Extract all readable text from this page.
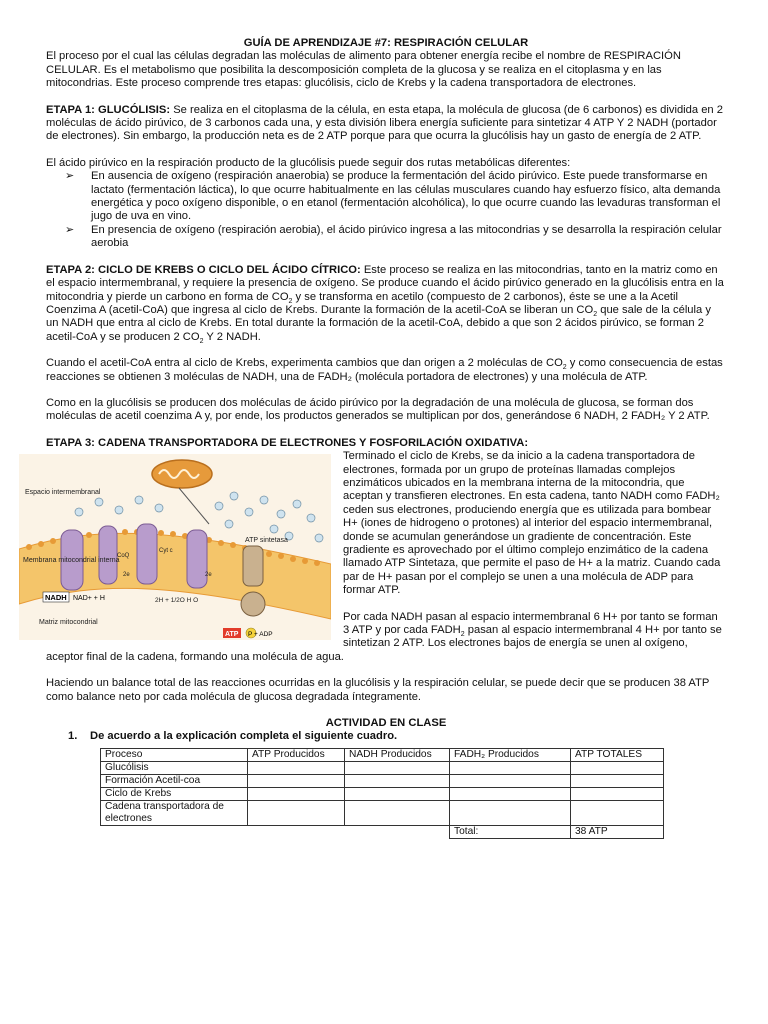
GUÍA DE APRENDIZAJE #7: RESPIRACIÓN CELULAR

El proceso por el cual las células degradan las moléculas de alimento para obtener energía recibe el nombre de RESPIRACIÓN CELULAR. Es el metabolismo que posibilita la descomposición completa de la glucosa y se realiza en el citoplasma y en las mitocondrias. Este proceso comprende tres etapas: glucólisis, ciclo de Krebs y la cadena transportadora de electrones.

ETAPA 1: GLUCÓLISIS: Se realiza en el citoplasma de la célula, en esta etapa, la molécula de glucosa (de 6 carbonos) es dividida en 2 moléculas de ácido pirúvico, de 3 carbonos cada una, y esta división libera energía suficiente para sintetizar 4 ATP Y 2 NADH (portador de electrones). Sin embargo, la producción neta es de 2 ATP porque para que ocurra la glucólisis hay un gasto de energía de 2 ATP.

El ácido pirúvico en la respiración producto de la glucólisis puede seguir dos rutas metabólicas diferentes:

➢ En ausencia de oxígeno (respiración anaerobia) se produce la fermentación del ácido pirúvico. Este puede transformarse en lactato (fermentación láctica), lo que ocurre habitualmente en las células musculares cuando hay esfuerzo físico, alta demanda energética y poco oxígeno disponible, o en etanol (fermentación alcohólica), lo que ocurre cuando las levaduras transforman el jugo de uva en vino.
➢ En presencia de oxígeno (respiración aerobia), el ácido pirúvico ingresa a las mitocondrias y se desarrolla la respiración celular aerobia

ETAPA 2: CICLO DE KREBS O CICLO DEL ÁCIDO CÍTRICO: Este proceso se realiza en las mitocondrias, tanto en la matriz como en el espacio intermembranal, y requiere la presencia de oxígeno. Se produce cuando el ácido pirúvico generado en la glucólisis entra en la mitocondria y pierde un carbono en forma de $CO_2$ y se transforma en acetilo (compuesto de 2 carbonos), éste se une a la Acetil Coenzima A (acetil-CoA) que ingresa al ciclo de Krebs. Durante la formación de la acetil-CoA se liberan un $CO_2$ que sale de la célula y un NADH que entra al ciclo de Krebs. En total durante la formación de la acetil-CoA, debido a que son 2 ácidos pirúvico, se forman 2 acetil-CoA y se producen 2 $CO_2$ Y 2 NADH.

Cuando el acetil-CoA entra al ciclo de Krebs, experimenta cambios que dan origen a 2 moléculas de $CO_2$ y como consecuencia de estas reacciones se obtienen 3 moléculas de NADH, una de FADH₂ (molécula portadora de electrones) y una molécula de ATP.

Como en la glucólisis se producen dos moléculas de ácido pirúvico por la degradación de una molécula de glucosa, se forman dos moléculas de acetil coenzima A y, por ende, los productos generados se multiplican por dos, generándose 6 NADH, 2 FADH₂ Y 2 ATP.

ETAPA 3: CADENA TRANSPORTADORA DE ELECTRONES Y FOSFORILACIÓN OXIDATIVA:

Espacio intermembranal
Membrana mitocondrial interna
Matriz mitocondrial
CoQ
Cyt c
2e	2e
ATP sintetasa
2H + 1/2O H O
NADH NAD+ + H
ATP P + ADP

Terminado el ciclo de Krebs, se da inicio a la cadena transportadora de electrones, formada por un grupo de proteínas llamadas complejos enzimáticos ubicados en la membrana interna de la mitocondria, que aceptan y transfieren electrones. En esta cadena, tanto NADH como FADH₂ ceden sus electrones, produciendo energía que es utilizada para bombear H+ (iones de hidrogeno o protones) al interior del espacio intermembranal, donde se acumulan generándose un gradiente de concentración. Este gradiente es aprovechado por el último complejo enzimático de la cadena llamado ATP Sintetaza, que permite el paso de H+ a la matriz. Cuando cada par de H+ pasan por el complejo se unen a una molécula de ADP para formar ATP.

Por cada NADH pasan al espacio intermembranal 6 H+ por tanto se forman 3 ATP y por cada $FADH_2$ pasan al espacio intermembranal 4 H+ por tanto se sintetizan 2 ATP. Los electrones bajos de energía se unen al oxígeno, aceptor final de la cadena, formando una molécula de agua.

Haciendo un balance total de las reacciones ocurridas en la glucólisis y la respiración celular, se puede decir que se producen 38 ATP como balance neto por cada molécula de glucosa degradada íntegramente.

ACTIVIDAD EN CLASE

1.	De acuerdo a la explicación completa el siguiente cuadro.
Proceso	ATP Producidos	NADH Producidos	FADH₂ Producidos	ATP TOTALES
Glucólisis				
Formación Acetil-coa				
Ciclo de Krebs				
Cadena transportadora de electrones				
			Total:	38 ATP
